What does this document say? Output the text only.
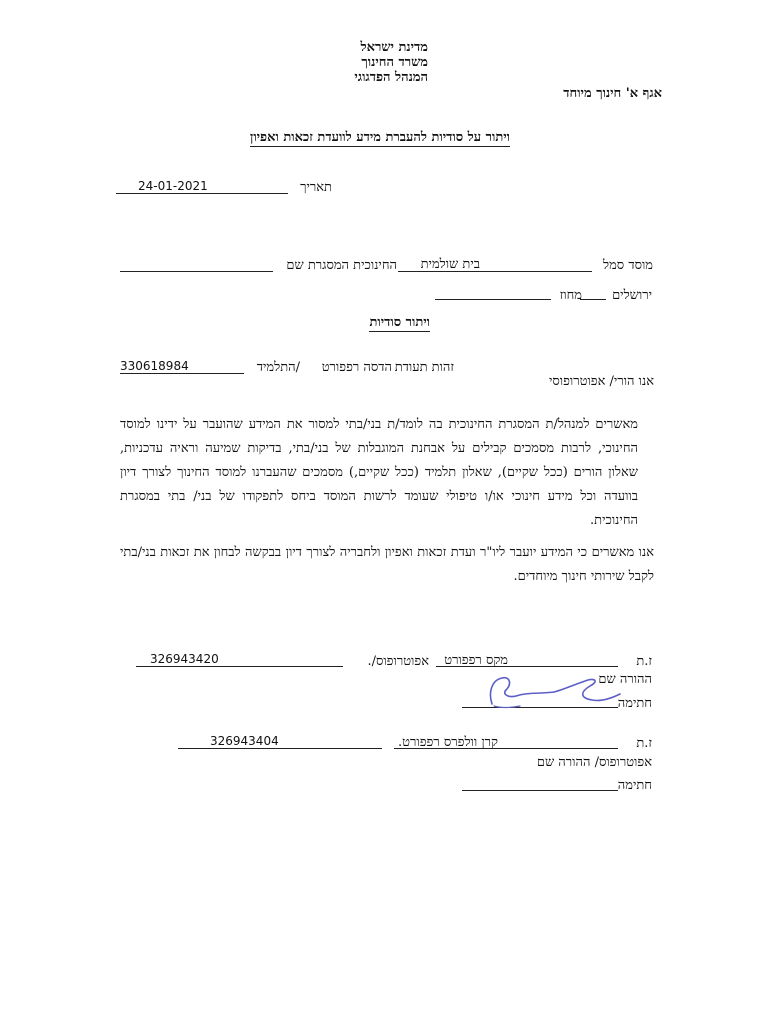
מדינת ישראל
משרד החינוך
המנהל הפדגוגי
אגף א' חינוך מיוחד
ויתור על סודיות להעברת מידע לוועדת זכאות ואפיון
תאריך
24-01-2021
מוסד סמל
בית שולמית
החינוכית המסגרת שם
ירושלים
מחוז
ויתור סודיות
זהות תעודת
הדסה רפפורט
/התלמיד
330618984
אנו הורי/ אפוטרופוסי
מאשרים למנהל/ת המסגרת החינוכית בה לומד/ת בני/בתי למסור את המידע שהועבר על ידינו למוסד החינוכי, לרבות מסמכים קבילים על אבחנת המוגבלות של בני/בתי, בדיקות שמיעה וראיה עדכניות, שאלון הורים (ככל שקיים), שאלון תלמיד (ככל שקיים,) מסמכים שהעברנו למוסד החינוך לצורך דיון בוועדה וכל מידע חינוכי או/ו טיפולי שעומד לרשות המוסד ביחס לתפקודו של בני/ בתי במסגרת החינוכית.
אנו מאשרים כי המידע יועבר ליו"ר ועדת זכאות ואפיון ולחבריה לצורך דיון בבקשה לבחון את זכאות בני/בתי לקבל שירותי חינוך מיוחדים.
ז.ת
מקס רפפורט
אפוטרופוס/.
326943420
ההורה שם
חתימה
ז.ת
קרן וולפרס רפפורט.
326943404
אפוטרופוס/ ההורה שם
חתימה
